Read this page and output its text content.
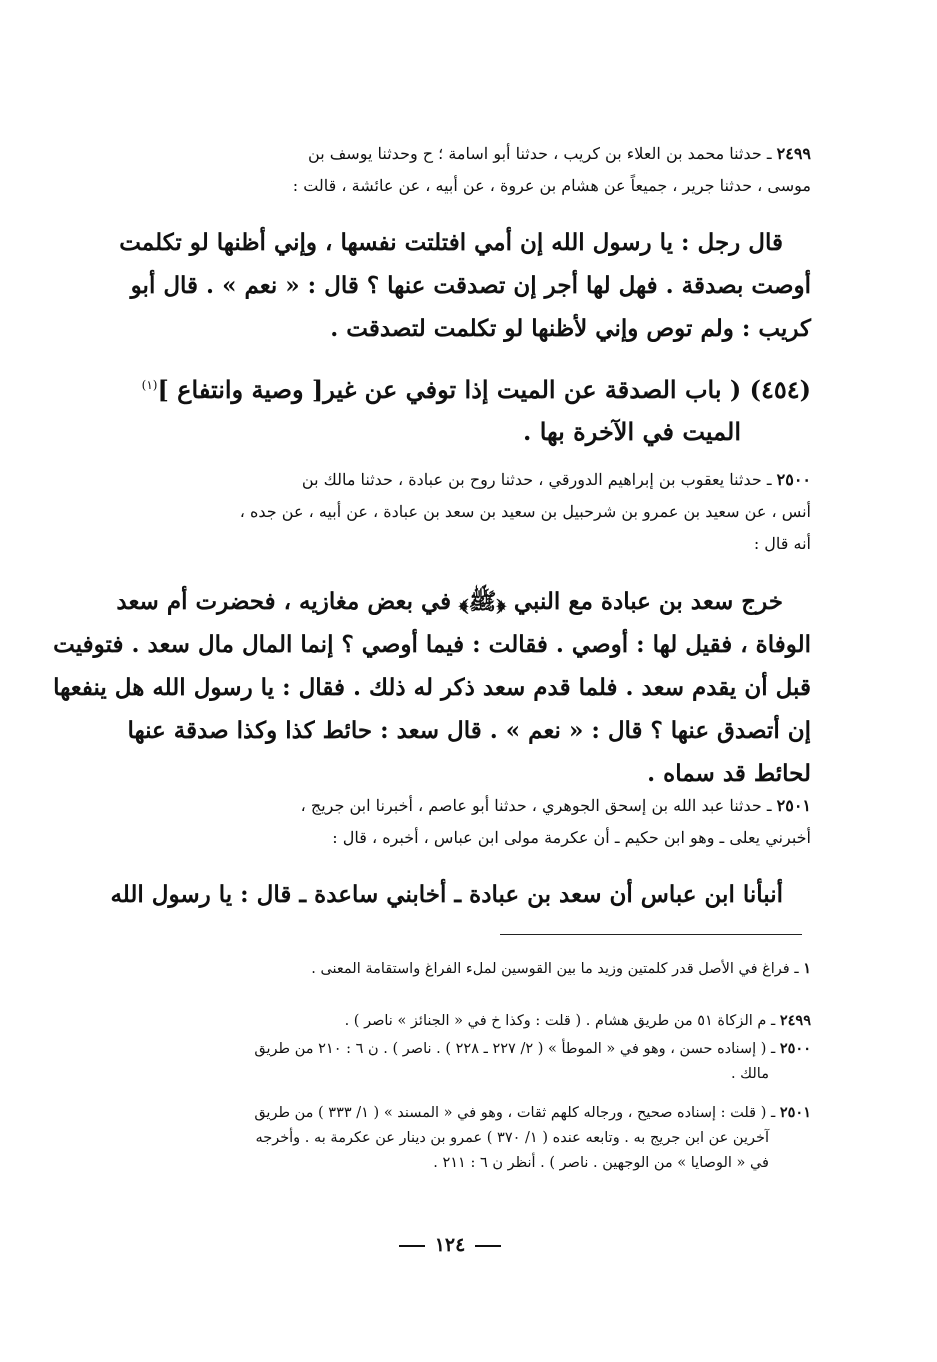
٢٤٩٩ ـ حدثنا محمد بن العلاء بن كريب ، حدثنا أبو اسامة ؛ ح وحدثنا يوسف بن
موسى ، حدثنا جرير ، جميعاً عن هشام بن عروة ، عن أبيه ، عن عائشة ، قالت :
قال رجل : يا رسول الله إن أمي افتلتت نفسها ، وإني أظنها لو تكلمت
أوصت بصدقة . فهل لها أجر إن تصدقت عنها ؟ قال : « نعم » . قال أبو
كريب : ولم توص وإني لأظنها لو تكلمت لتصدقت .
(٤٥٤) ( باب الصدقة عن الميت إذا توفي عن غير[ وصية وانتفاع ]$^{(١)}$
الميت في الآخرة بها .
٢٥٠٠ ـ حدثنا يعقوب بن إبراهيم الدورقي ، حدثنا روح بن عبادة ، حدثنا مالك بن
أنس ، عن سعيد بن عمرو بن شرحبيل بن سعيد بن سعد بن عبادة ، عن أبيه ، عن جده ،
أنه قال :
خرج سعد بن عبادة مع النبي ﴿ﷺ﴾ في بعض مغازيه ، فحضرت أم سعد
الوفاة ، فقيل لها : أوصي . فقالت : فيما أوصي ؟ إنما المال مال سعد . فتوفيت
قبل أن يقدم سعد . فلما قدم سعد ذكر له ذلك . فقال : يا رسول الله هل ينفعها
إن أتصدق عنها ؟ قال : « نعم » . قال سعد : حائط كذا وكذا صدقة عنها
لحائط قد سماه .
٢٥٠١ ـ حدثنا عبد الله بن إسحق الجوهري ، حدثنا أبو عاصم ، أخبرنا ابن جريج ،
أخبرني يعلى ـ وهو ابن حكيم ـ أن عكرمة مولى ابن عباس ، أخبره ، قال :
أنبأنا ابن عباس أن سعد بن عبادة ـ أخابني ساعدة ـ قال : يا رسول الله
١ ـ فراغ في الأصل قدر كلمتين وزيد ما بين القوسين لملء الفراغ واستقامة المعنى .
٢٤٩٩ ـ م الزكاة ٥١ من طريق هشام . ( قلت : وكذا خ في « الجنائز » ناصر ) .
٢٥٠٠ ـ ( إسناده حسن ، وهو في « الموطأ » ( ٢/ ٢٢٧ ـ ٢٢٨ ) . ناصر ) . ن ٦ : ٢١٠ من طريق
مالك .
٢٥٠١ ـ ( قلت : إسناده صحيح ، ورجاله كلهم ثقات ، وهو في « المسند » ( ١/ ٣٣٣ ) من طريق
آخرين عن ابن جريج به . وتابعه عنده ( ١/ ٣٧٠ ) عمرو بن دينار عن عكرمة به . وأخرجه
في « الوصايا » من الوجهين . ناصر ) . أنظر ن ٦ : ٢١١ .
١٢٤
